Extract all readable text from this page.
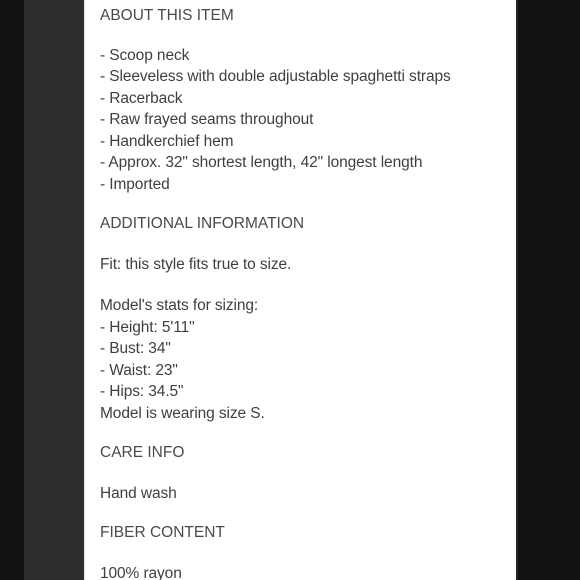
ABOUT THIS ITEM
- Scoop neck
- Sleeveless with double adjustable spaghetti straps
- Racerback
- Raw frayed seams throughout
- Handkerchief hem
- Approx. 32" shortest length, 42" longest length
- Imported
ADDITIONAL INFORMATION
Fit: this style fits true to size.
Model's stats for sizing:
- Height: 5'11"
- Bust: 34"
- Waist: 23"
- Hips: 34.5"
Model is wearing size S.
CARE INFO
Hand wash
FIBER CONTENT
100% rayon
